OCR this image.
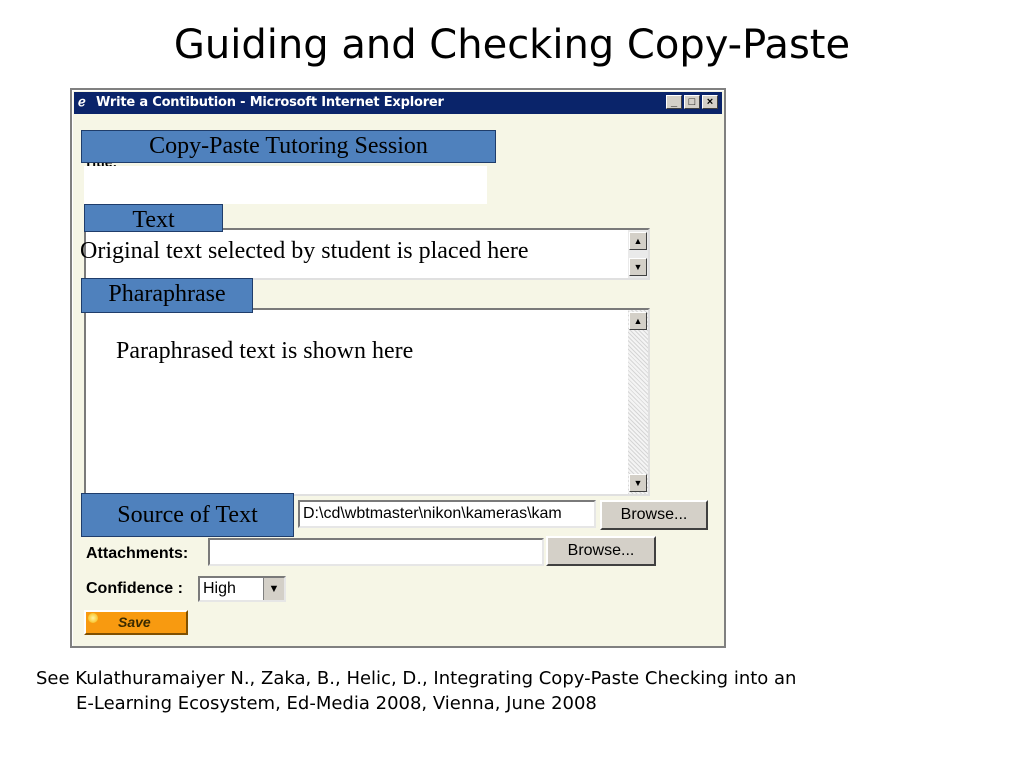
Guiding and Checking Copy-Paste
ℯ Write a Contibution - Microsoft Internet Explorer	_	□	×
Original text selected by student is placed here	▲
▼
Paraphrased text is shown here
▲
▼
D:\cd\wbtmaster\nikon\kameras\kam	Browse...
Attachments:	Browse...
Confidence :	High	▼
Save
Copy-Paste Tutoring Session
Text
Pharaphrase
Source of Text
See Kulathuramaiyer N., Zaka, B., Helic, D., Integrating Copy-Paste Checking into an
E-Learning Ecosystem, Ed-Media 2008, Vienna, June 2008
